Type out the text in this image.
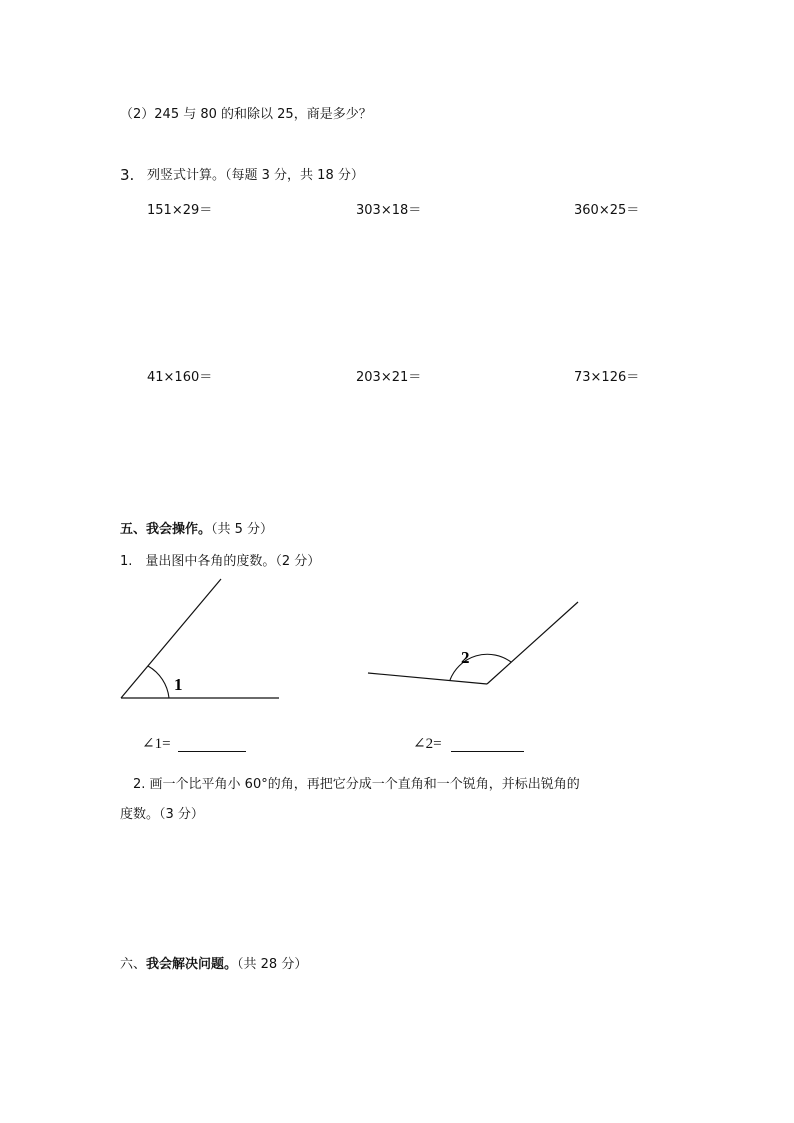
（2）245 与 80 的和除以 25，商是多少？
3. 列竖式计算。（每题 3 分，共 18 分）
151×29＝	303×18＝	360×25＝
41×160＝	203×21＝	73×126＝
五、我会操作。（共 5 分）
1.　量出图中各角的度数。（2 分）
1
2
∠1=	∠2=
2. 画一个比平角小 60°的角，再把它分成一个直角和一个锐角，并标出锐角的
度数。（3 分）
六、我会解决问题。（共 28 分）
